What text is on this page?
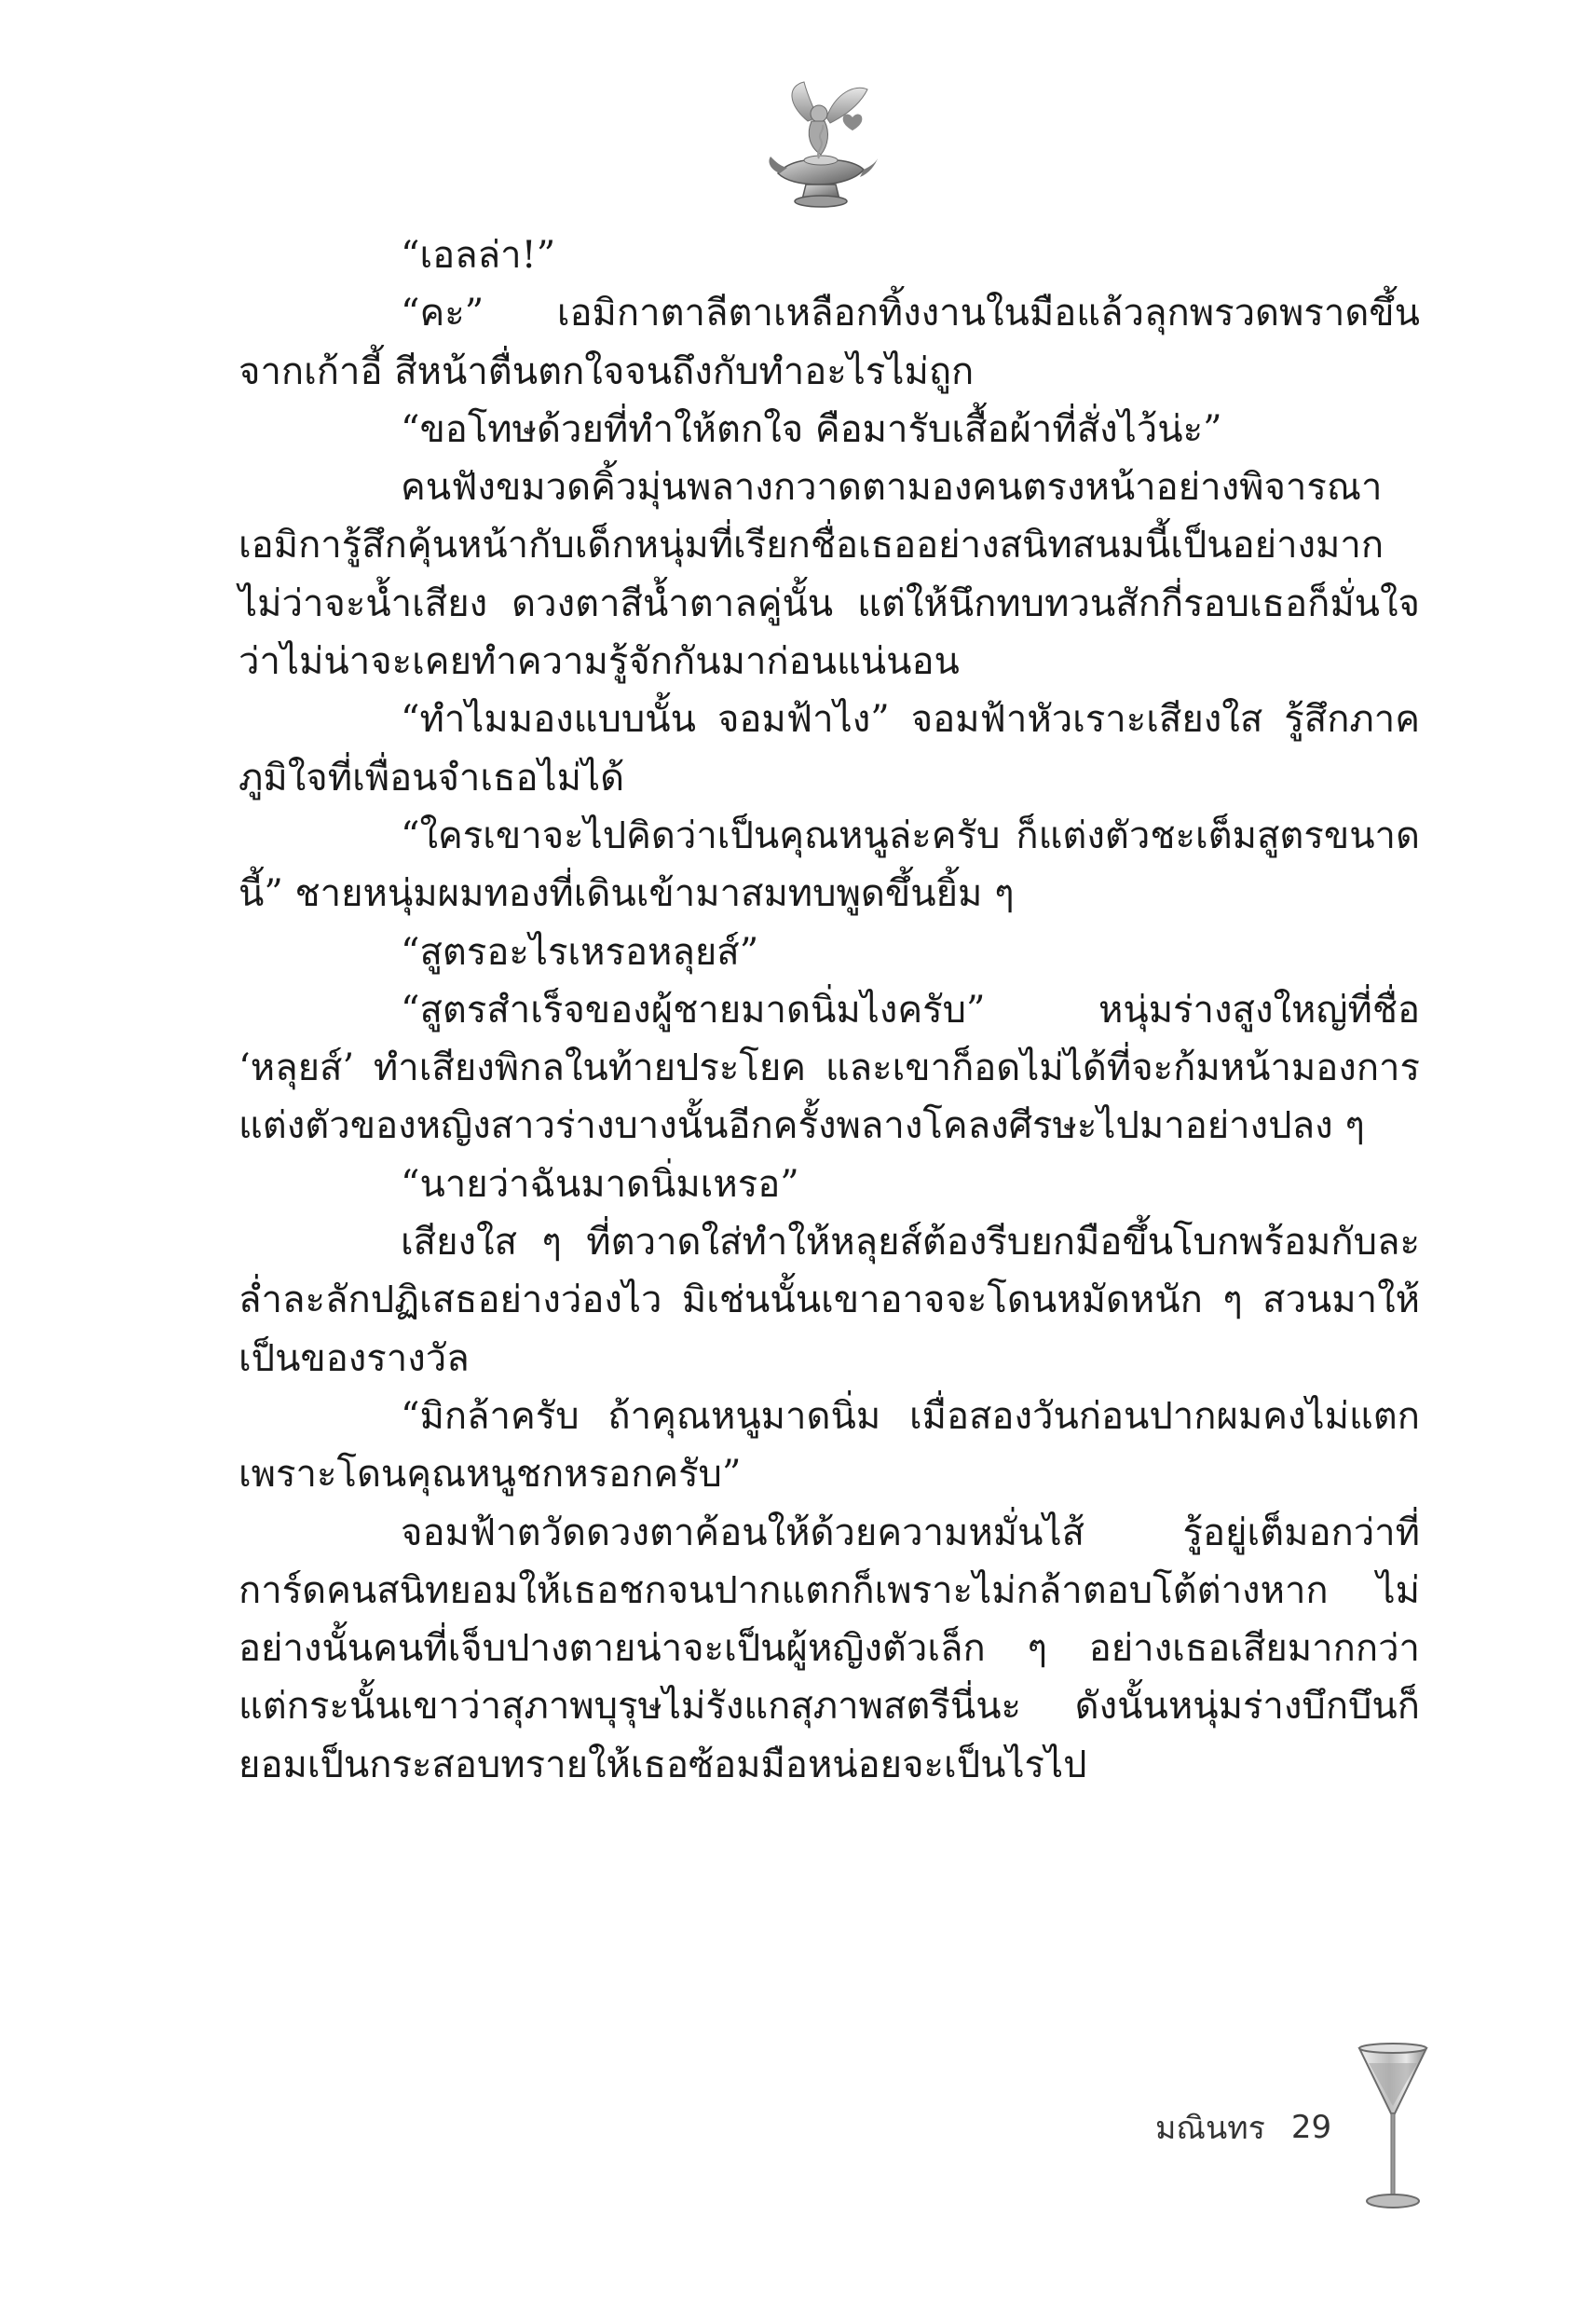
“เอลล่า!”

“คะ” เอมิกาตาลีตาเหลือกทิ้งงานในมือแล้วลุกพรวดพราดขึ้นจากเก้าอี้ สีหน้าตื่นตกใจจนถึงกับทำอะไรไม่ถูก

“ขอโทษด้วยที่ทำให้ตกใจ คือมารับเสื้อผ้าที่สั่งไว้น่ะ”

คนฟังขมวดคิ้วมุ่นพลางกวาดตามองคนตรงหน้าอย่างพิจารณา เอมิการู้สึกคุ้นหน้ากับเด็กหนุ่มที่เรียกชื่อเธออย่างสนิทสนมนี้เป็นอย่างมาก ไม่ว่าจะน้ำเสียง ดวงตาสีน้ำตาลคู่นั้น แต่ให้นึกทบทวนสักกี่รอบเธอก็มั่นใจว่าไม่น่าจะเคยทำความรู้จักกันมาก่อนแน่นอน

“ทำไมมองแบบนั้น จอมฟ้าไง” จอมฟ้าหัวเราะเสียงใส รู้สึกภาคภูมิใจที่เพื่อนจำเธอไม่ได้

“ใครเขาจะไปคิดว่าเป็นคุณหนูล่ะครับ ก็แต่งตัวชะเต็มสูตรขนาดนี้” ชายหนุ่มผมทองที่เดินเข้ามาสมทบพูดขึ้นยิ้ม ๆ

“สูตรอะไรเหรอหลุยส์”

“สูตรสำเร็จของผู้ชายมาดนิ่มไงครับ” หนุ่มร่างสูงใหญ่ที่ชื่อ ‘หลุยส์’ ทำเสียงพิกลในท้ายประโยค และเขาก็อดไม่ได้ที่จะก้มหน้ามองการแต่งตัวของหญิงสาวร่างบางนั้นอีกครั้งพลางโคลงศีรษะไปมาอย่างปลง ๆ

“นายว่าฉันมาดนิ่มเหรอ”

เสียงใส ๆ ที่ตวาดใส่ทำให้หลุยส์ต้องรีบยกมือขึ้นโบกพร้อมกับละล่ำละลักปฏิเสธอย่างว่องไว มิเช่นนั้นเขาอาจจะโดนหมัดหนัก ๆ สวนมาให้เป็นของรางวัล

“มิกล้าครับ ถ้าคุณหนูมาดนิ่ม เมื่อสองวันก่อนปากผมคงไม่แตกเพราะโดนคุณหนูชกหรอกครับ”

จอมฟ้าตวัดดวงตาค้อนให้ด้วยความหมั่นไส้ รู้อยู่เต็มอกว่าที่การ์ดคนสนิทยอมให้เธอชกจนปากแตกก็เพราะไม่กล้าตอบโต้ต่างหาก ไม่อย่างนั้นคนที่เจ็บปางตายน่าจะเป็นผู้หญิงตัวเล็ก ๆ อย่างเธอเสียมากกว่า แต่กระนั้นเขาว่าสุภาพบุรุษไม่รังแกสุภาพสตรีนี่นะ ดังนั้นหนุ่มร่างบึกบึนก็ยอมเป็นกระสอบทรายให้เธอซ้อมมือหน่อยจะเป็นไรไป

มณินทร 29
